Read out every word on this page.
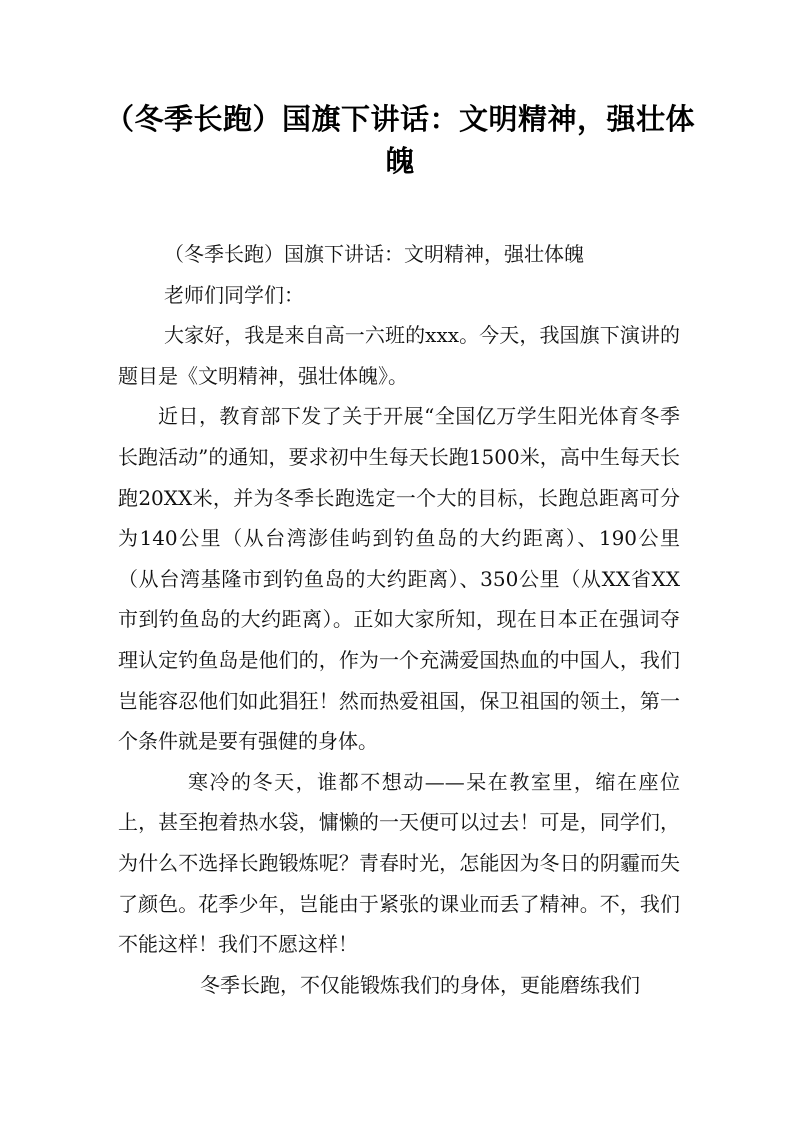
（冬季长跑）国旗下讲话：文明精神，强壮体魄

（冬季长跑）国旗下讲话：文明精神，强壮体魄

老师们同学们：

大家好，我是来自高一六班的xxx。今天，我国旗下演讲的题目是《文明精神，强壮体魄》。

近日，教育部下发了关于开展“全国亿万学生阳光体育冬季长跑活动”的通知，要求初中生每天长跑1500米，高中生每天长跑20XX米，并为冬季长跑选定一个大的目标，长跑总距离可分为140公里（从台湾澎佳屿到钓鱼岛的大约距离）、190公里（从台湾基隆市到钓鱼岛的大约距离）、350公里（从XX省XX市到钓鱼岛的大约距离）。正如大家所知，现在日本正在强词夺理认定钓鱼岛是他们的，作为一个充满爱国热血的中国人，我们岂能容忍他们如此猖狂！然而热爱祖国，保卫祖国的领土，第一个条件就是要有强健的身体。

寒冷的冬天，谁都不想动——呆在教室里，缩在座位上，甚至抱着热水袋，慵懒的一天便可以过去！可是，同学们，为什么不选择长跑锻炼呢？青春时光，怎能因为冬日的阴霾而失了颜色。花季少年，岂能由于紧张的课业而丢了精神。不，我们不能这样！我们不愿这样！

冬季长跑，不仅能锻炼我们的身体，更能磨练我们
